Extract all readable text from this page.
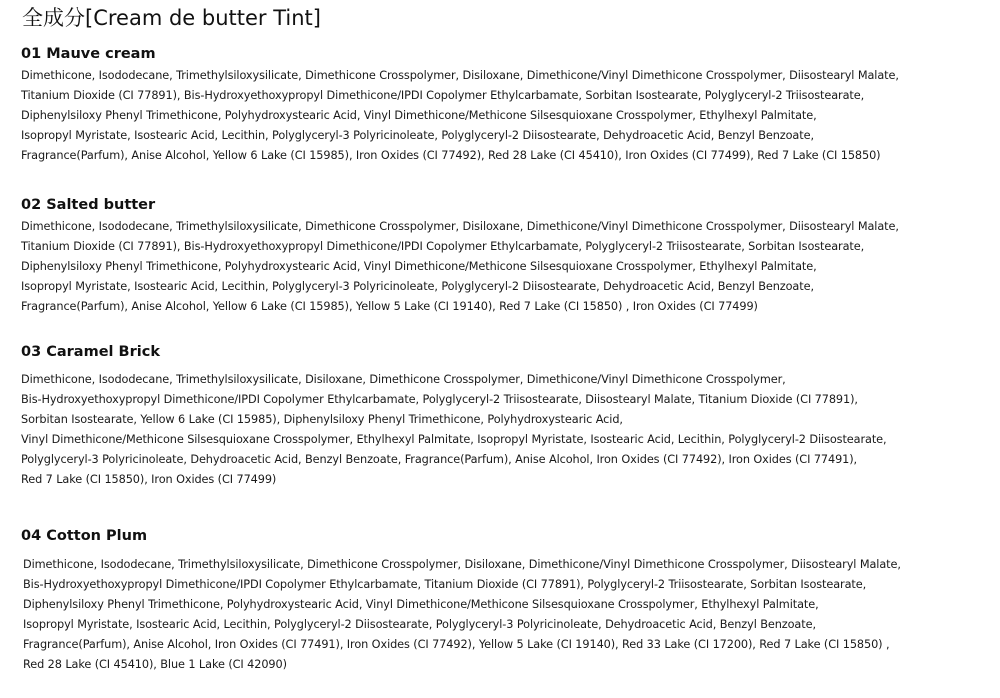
全成分[Cream de butter Tint]
01 Mauve cream
Dimethicone, Isododecane, Trimethylsiloxysilicate, Dimethicone Crosspolymer, Disiloxane, Dimethicone/Vinyl Dimethicone Crosspolymer, Diisostearyl Malate,
Titanium Dioxide (CI 77891), Bis-Hydroxyethoxypropyl Dimethicone/IPDI Copolymer Ethylcarbamate, Sorbitan Isostearate, Polyglyceryl-2 Triisostearate,
Diphenylsiloxy Phenyl Trimethicone, Polyhydroxystearic Acid, Vinyl Dimethicone/Methicone Silsesquioxane Crosspolymer, Ethylhexyl Palmitate,
Isopropyl Myristate, Isostearic Acid, Lecithin, Polyglyceryl-3 Polyricinoleate, Polyglyceryl-2 Diisostearate, Dehydroacetic Acid, Benzyl Benzoate,
Fragrance(Parfum), Anise Alcohol, Yellow 6 Lake (CI 15985), Iron Oxides (CI 77492), Red 28 Lake (CI 45410), Iron Oxides (CI 77499), Red 7 Lake (CI 15850)
02 Salted butter
Dimethicone, Isododecane, Trimethylsiloxysilicate, Dimethicone Crosspolymer, Disiloxane, Dimethicone/Vinyl Dimethicone Crosspolymer, Diisostearyl Malate,
Titanium Dioxide (CI 77891), Bis-Hydroxyethoxypropyl Dimethicone/IPDI Copolymer Ethylcarbamate, Polyglyceryl-2 Triisostearate, Sorbitan Isostearate,
Diphenylsiloxy Phenyl Trimethicone, Polyhydroxystearic Acid, Vinyl Dimethicone/Methicone Silsesquioxane Crosspolymer, Ethylhexyl Palmitate,
Isopropyl Myristate, Isostearic Acid, Lecithin, Polyglyceryl-3 Polyricinoleate, Polyglyceryl-2 Diisostearate, Dehydroacetic Acid, Benzyl Benzoate,
Fragrance(Parfum), Anise Alcohol, Yellow 6 Lake (CI 15985), Yellow 5 Lake (CI 19140), Red 7 Lake (CI 15850) , Iron Oxides (CI 77499)
03 Caramel Brick
Dimethicone, Isododecane, Trimethylsiloxysilicate, Disiloxane, Dimethicone Crosspolymer, Dimethicone/Vinyl Dimethicone Crosspolymer,
Bis-Hydroxyethoxypropyl Dimethicone/IPDI Copolymer Ethylcarbamate, Polyglyceryl-2 Triisostearate, Diisostearyl Malate, Titanium Dioxide (CI 77891),
Sorbitan Isostearate, Yellow 6 Lake (CI 15985), Diphenylsiloxy Phenyl Trimethicone, Polyhydroxystearic Acid,
Vinyl Dimethicone/Methicone Silsesquioxane Crosspolymer, Ethylhexyl Palmitate, Isopropyl Myristate, Isostearic Acid, Lecithin, Polyglyceryl-2 Diisostearate,
Polyglyceryl-3 Polyricinoleate, Dehydroacetic Acid, Benzyl Benzoate, Fragrance(Parfum), Anise Alcohol, Iron Oxides (CI 77492), Iron Oxides (CI 77491),
Red 7 Lake (CI 15850), Iron Oxides (CI 77499)
04 Cotton Plum
Dimethicone, Isododecane, Trimethylsiloxysilicate, Dimethicone Crosspolymer, Disiloxane, Dimethicone/Vinyl Dimethicone Crosspolymer, Diisostearyl Malate,
Bis-Hydroxyethoxypropyl Dimethicone/IPDI Copolymer Ethylcarbamate, Titanium Dioxide (CI 77891), Polyglyceryl-2 Triisostearate, Sorbitan Isostearate,
Diphenylsiloxy Phenyl Trimethicone, Polyhydroxystearic Acid, Vinyl Dimethicone/Methicone Silsesquioxane Crosspolymer, Ethylhexyl Palmitate,
Isopropyl Myristate, Isostearic Acid, Lecithin, Polyglyceryl-2 Diisostearate, Polyglyceryl-3 Polyricinoleate, Dehydroacetic Acid, Benzyl Benzoate,
Fragrance(Parfum), Anise Alcohol, Iron Oxides (CI 77491), Iron Oxides (CI 77492), Yellow 5 Lake (CI 19140), Red 33 Lake (CI 17200), Red 7 Lake (CI 15850) ,
Red 28 Lake (CI 45410), Blue 1 Lake (CI 42090)
